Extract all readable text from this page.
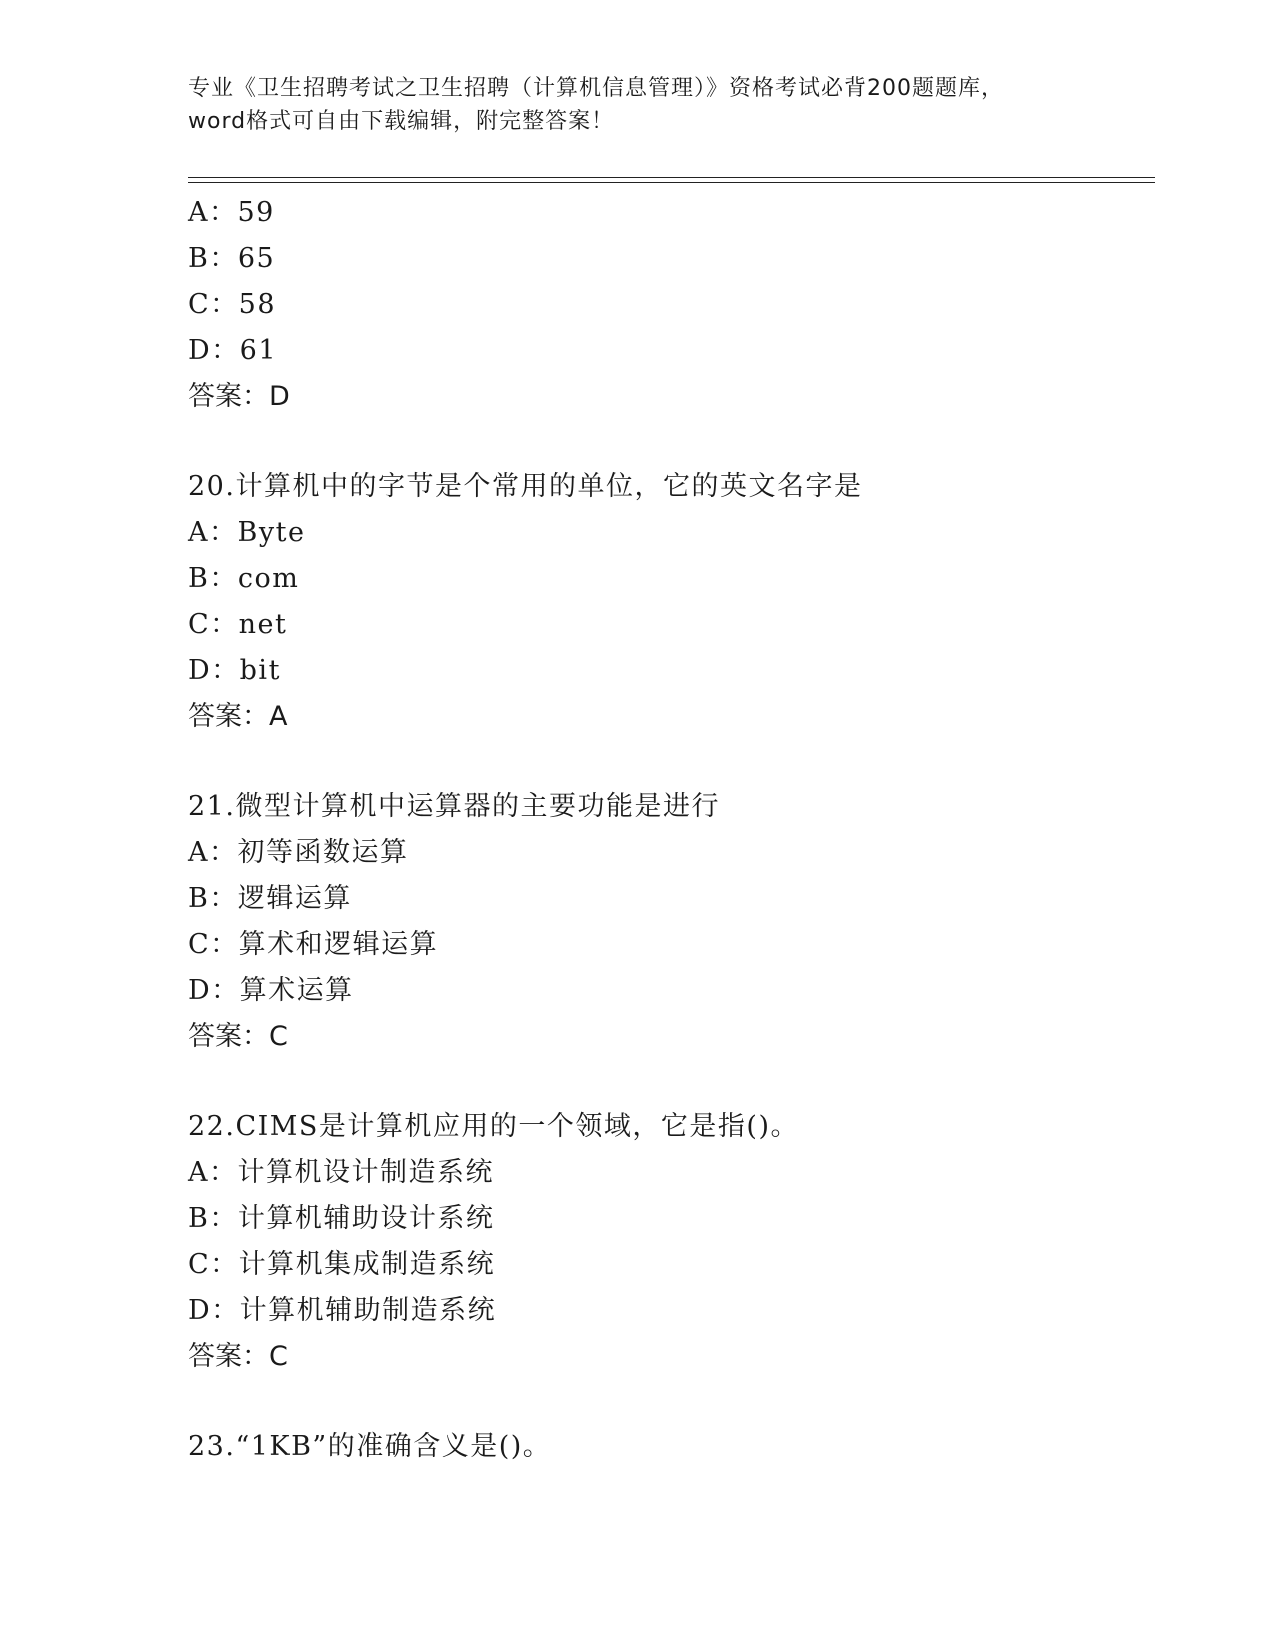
专业《卫生招聘考试之卫生招聘（计算机信息管理）》资格考试必背200题题库，
word格式可自由下载编辑，附完整答案！
A：59
B：65
C：58
D：61
答案：D
20.计算机中的字节是个常用的单位，它的英文名字是
A：Byte
B：com
C：net
D：bit
答案：A
21.微型计算机中运算器的主要功能是进行
A：初等函数运算
B：逻辑运算
C：算术和逻辑运算
D：算术运算
答案：C
22.CIMS是计算机应用的一个领域，它是指()。
A：计算机设计制造系统
B：计算机辅助设计系统
C：计算机集成制造系统
D：计算机辅助制造系统
答案：C
23.“1KB”的准确含义是()。
